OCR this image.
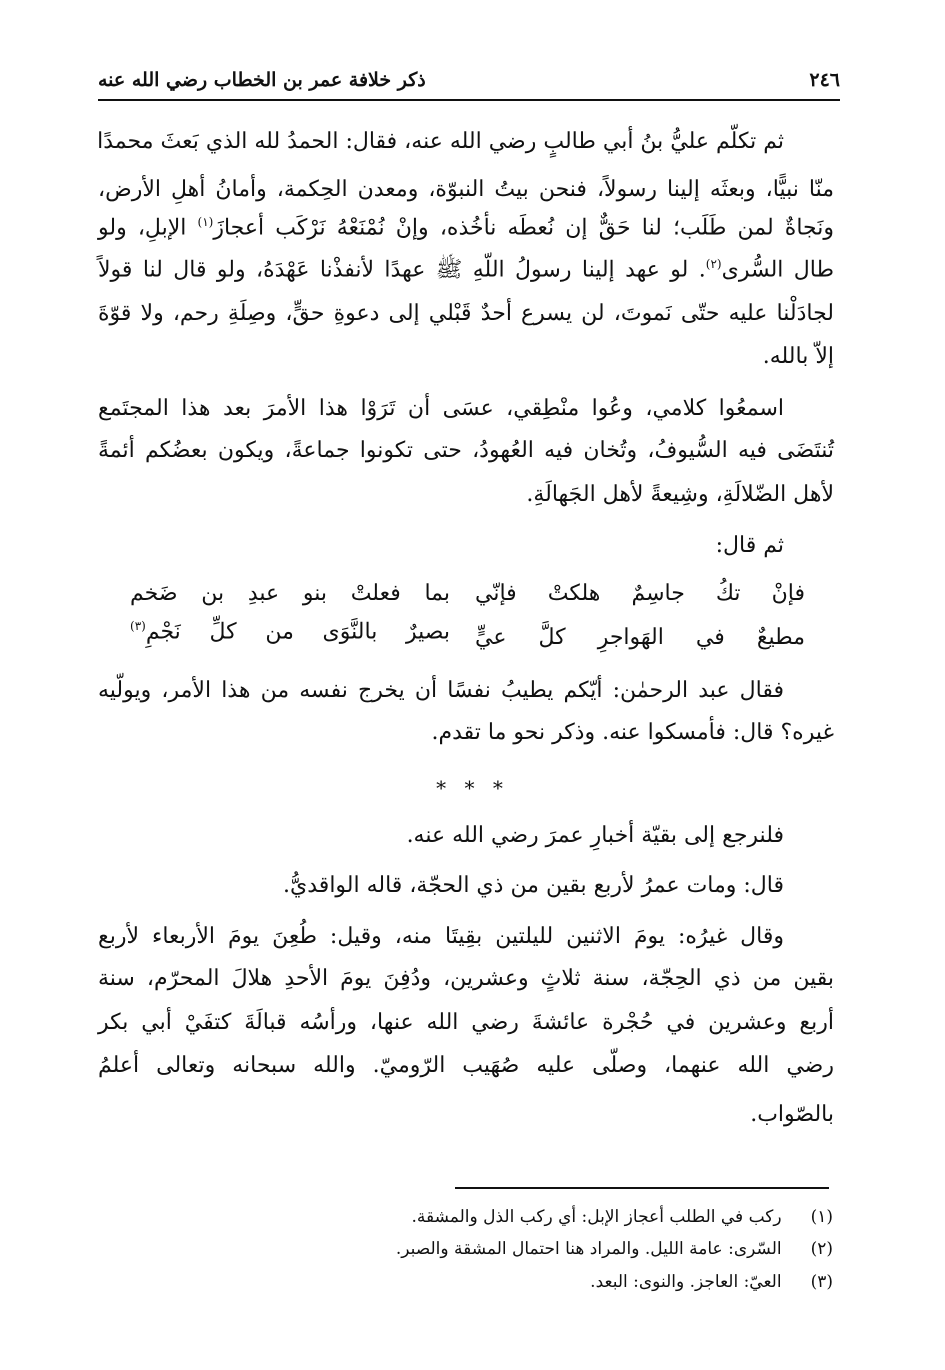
٢٤٦
ذكر خلافة عمر بن الخطاب رضي الله عنه
ثم تكلّم عليُّ بنُ أبي طالبٍ رضي الله عنه، فقال: الحمدُ لله الذي بَعثَ محمدًا
منّا نبيًّا، وبعثَه إلينا رسولاً، فنحن بيتُ النبوّة، ومعدن الحِكمة، وأمانُ أهلِ الأرض،
ونَجاةٌ لمن طَلَب؛ لنا حَقٌّ إن نُعطَه نأخُذه، وإنْ نُمْنَعْهُ نَرْكَب أعجازَ$^{(١)}$ الإبلِ، ولو
طال السُّرى$^{(٢)}$. لو عهد إلينا رسولُ اللّهِ ﷺ عهدًا لأنفذْنا عَهْدَهُ، ولو قال لنا قولاً
لجادَلْنا عليه حتّى نَموتَ، لن يسرع أحدٌ قَبْلي إلى دعوةِ حقٍّ، وصِلَةِ رحم، ولا قوّةَ
إلاّ بالله.
اسمعُوا كلامي، وعُوا منْطِقي، عسَى أن تَرَوْا هذا الأمرَ بعد هذا المجتَمع
تُنتَضَى فيه السُّيوفُ، وتُخان فيه العُهودُ، حتى تكونوا جماعةً، ويكون بعضُكم أئمةً
لأهل الضّلالَةِ، وشِيعةً لأهل الجَهالَةِ.
ثم قال:
فإنْ تكُ جاسِمٌ هلكتْ فإنّي
بما فعلتْ بنو عبدِ بن ضَخم
مطيعٌ في الهَواجرِ كلَّ عيٍّ
بصيرٌ بالنَّوَى من كلِّ نَجْمِ$^{(٣)}$
فقال عبد الرحمٰن: أيّكم يطيبُ نفسًا أن يخرج نفسه من هذا الأمر، ويولّيه
غيره؟ قال: فأمسكوا عنه. وذكر نحو ما تقدم.
* * *
فلنرجع إلى بقيّة أخبارِ عمرَ رضي الله عنه.
قال: ومات عمرُ لأربع بقين من ذي الحجّة، قاله الواقديُّ.
وقال غيرُه: يومَ الاثنين لليلتين بقِيتَا منه، وقيل: طُعِنَ يومَ الأربعاء لأربع
بقين من ذي الحِجّة، سنة ثلاثٍ وعشرين، ودُفِنَ يومَ الأحدِ هلالَ المحرّم، سنة
أربع وعشرين في حُجْرة عائشةَ رضي الله عنها، ورأسُه قبالَةَ كتفَيْ أبي بكر
رضي الله عنهما، وصلّى عليه صُهَيب الرّوميّ. والله سبحانه وتعالى أعلمُ
بالصّواب.
(١) ركب في الطلب أعجاز الإبل: أي ركب الذل والمشقة.
(٢) السّرى: عامة الليل. والمراد هنا احتمال المشقة والصبر.
(٣) العيّ: العاجز. والنوى: البعد.
